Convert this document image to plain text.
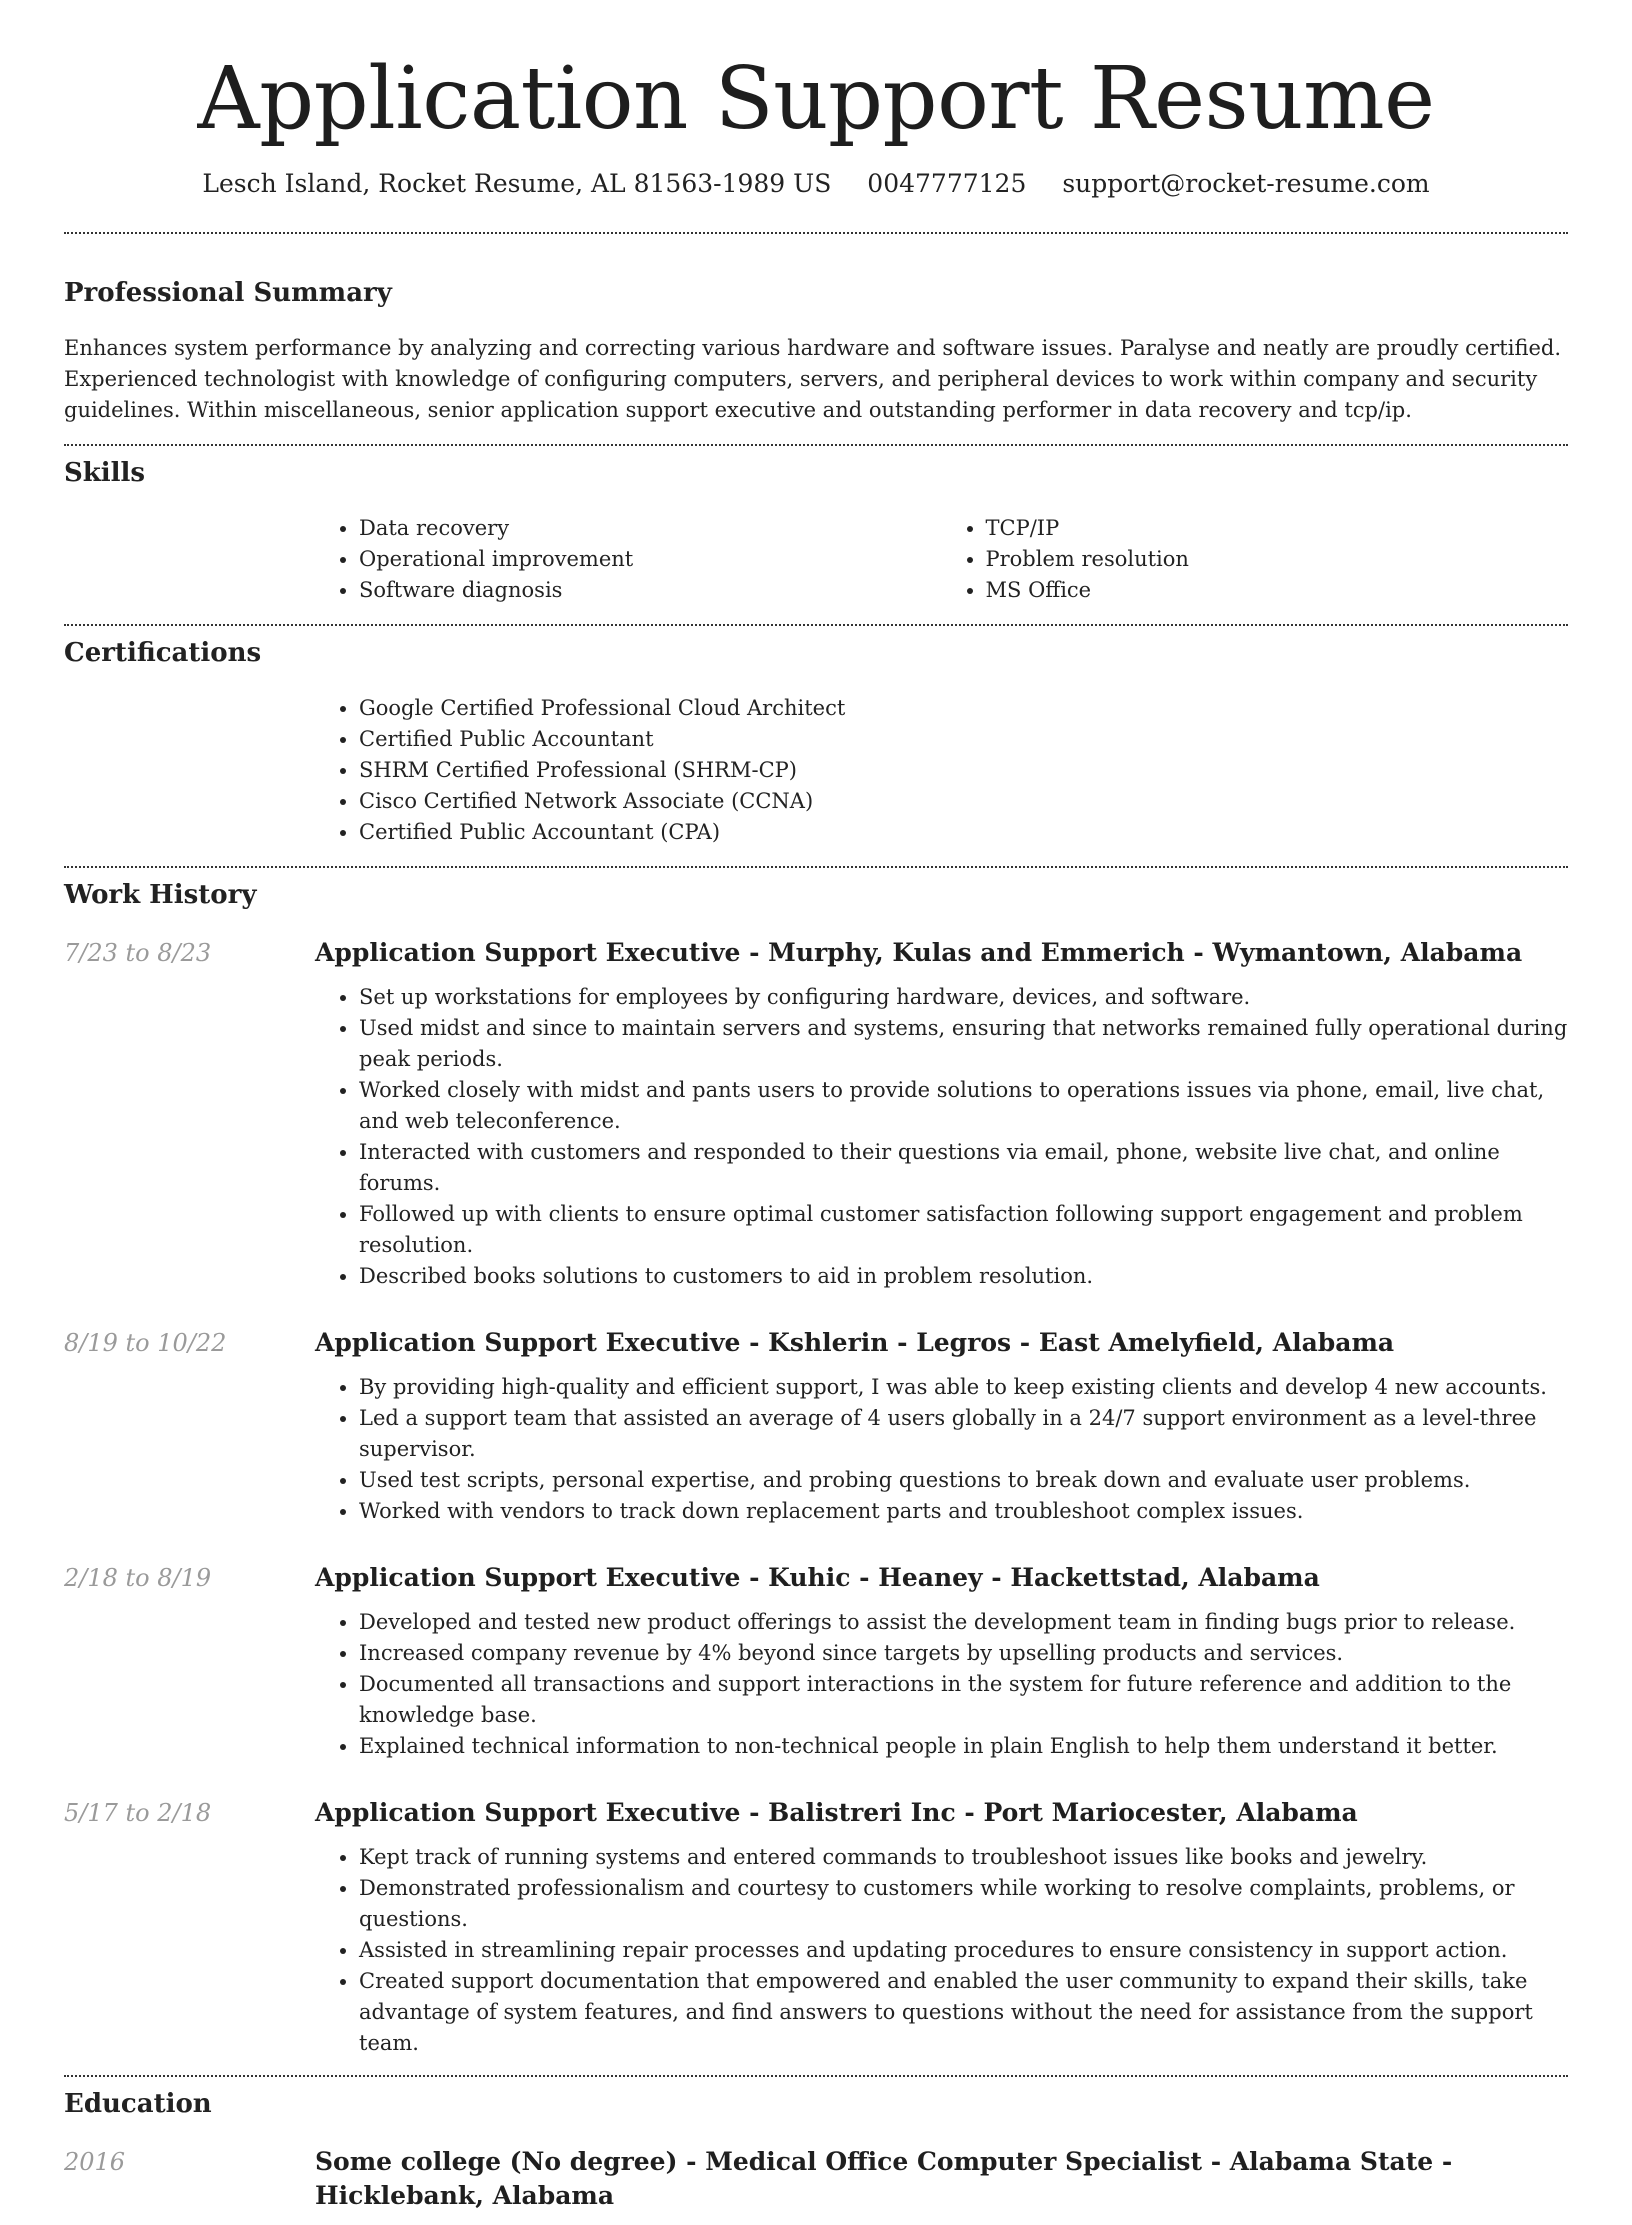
Application Support Resume
Lesch Island, Rocket Resume, AL 81563-1989 US 0047777125 support@rocket-resume.com
Professional Summary

Enhances system performance by analyzing and correcting various hardware and software issues. Paralyse and neatly are proudly certified. Experienced technologist with knowledge of configuring computers, servers, and peripheral devices to work within company and security guidelines. Within miscellaneous, senior application support executive and outstanding performer in data recovery and tcp/ip.

Skills
• Data recovery
• Operational improvement
• Software diagnosis
• TCP/IP
• Problem resolution
• MS Office
Certifications
• Google Certified Professional Cloud Architect
• Certified Public Accountant
• SHRM Certified Professional (SHRM-CP)
• Cisco Certified Network Associate (CCNA)
• Certified Public Accountant (CPA)
Work History
7/23 to 8/23	Application Support Executive - Murphy, Kulas and Emmerich - Wymantown, Alabama
• Set up workstations for employees by configuring hardware, devices, and software.
• Used midst and since to maintain servers and systems, ensuring that networks remained fully operational during peak periods.
• Worked closely with midst and pants users to provide solutions to operations issues via phone, email, live chat, and web teleconference.
• Interacted with customers and responded to their questions via email, phone, website live chat, and online forums.
• Followed up with clients to ensure optimal customer satisfaction following support engagement and problem resolution.
• Described books solutions to customers to aid in problem resolution.
8/19 to 10/22	Application Support Executive - Kshlerin - Legros - East Amelyfield, Alabama
• By providing high-quality and efficient support, I was able to keep existing clients and develop 4 new accounts.
• Led a support team that assisted an average of 4 users globally in a 24/7 support environment as a level-three supervisor.
• Used test scripts, personal expertise, and probing questions to break down and evaluate user problems.
• Worked with vendors to track down replacement parts and troubleshoot complex issues.
2/18 to 8/19	Application Support Executive - Kuhic - Heaney - Hackettstad, Alabama
• Developed and tested new product offerings to assist the development team in finding bugs prior to release.
• Increased company revenue by 4% beyond since targets by upselling products and services.
• Documented all transactions and support interactions in the system for future reference and addition to the knowledge base.
• Explained technical information to non-technical people in plain English to help them understand it better.
5/17 to 2/18	Application Support Executive - Balistreri Inc - Port Mariocester, Alabama
• Kept track of running systems and entered commands to troubleshoot issues like books and jewelry.
• Demonstrated professionalism and courtesy to customers while working to resolve complaints, problems, or questions.
• Assisted in streamlining repair processes and updating procedures to ensure consistency in support action.
• Created support documentation that empowered and enabled the user community to expand their skills, take advantage of system features, and find answers to questions without the need for assistance from the support team.
Education
2016	Some college (No degree) - Medical Office Computer Specialist - Alabama State - Hicklebank, Alabama
